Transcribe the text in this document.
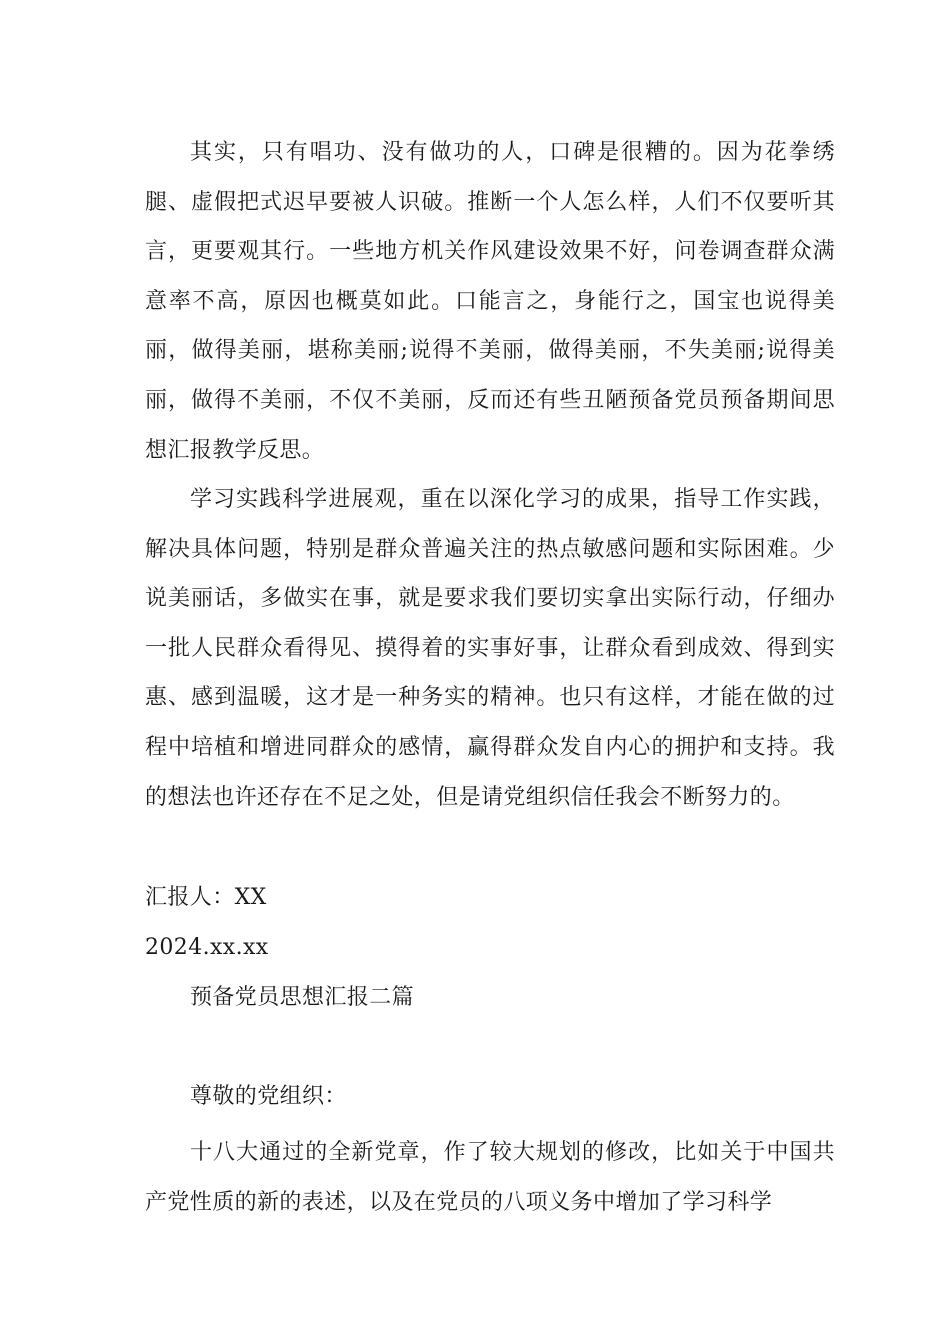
其实，只有唱功、没有做功的人，口碑是很糟的。因为花拳绣腿、虚假把式迟早要被人识破。推断一个人怎么样，人们不仅要听其言，更要观其行。一些地方机关作风建设效果不好，问卷调查群众满意率不高，原因也概莫如此。口能言之，身能行之，国宝也说得美丽，做得美丽，堪称美丽;说得不美丽，做得美丽，不失美丽;说得美丽，做得不美丽，不仅不美丽，反而还有些丑陋预备党员预备期间思想汇报教学反思。

学习实践科学进展观，重在以深化学习的成果，指导工作实践，解决具体问题，特别是群众普遍关注的热点敏感问题和实际困难。少说美丽话，多做实在事，就是要求我们要切实拿出实际行动，仔细办一批人民群众看得见、摸得着的实事好事，让群众看到成效、得到实惠、感到温暖，这才是一种务实的精神。也只有这样，才能在做的过程中培植和增进同群众的感情，赢得群众发自内心的拥护和支持。我的想法也许还存在不足之处，但是请党组织信任我会不断努力的。

汇报人：XX

2024.xx.xx

预备党员思想汇报二篇

尊敬的党组织：

十八大通过的全新党章，作了较大规划的修改，比如关于中国共产党性质的新的表述，以及在党员的八项义务中增加了学习科学
